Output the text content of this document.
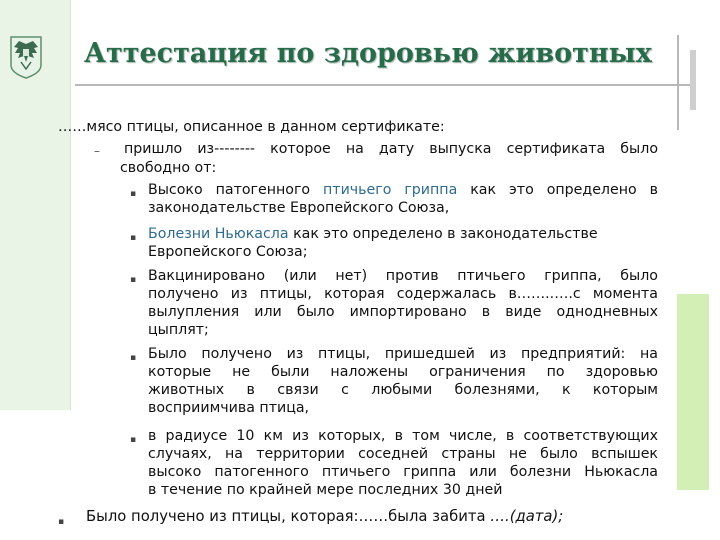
Аттестация по здоровью животных
……мясо птицы, описанное в данном сертификате:
– пришло из-------- которое на дату выпуска сертификата было
свободно от:
▪ Высоко патогенного птичьего гриппа как это определено в
законодательстве Европейского Союза,
▪ Болезни Ньюкасла как это определено в законодательстве
Европейского Союза;
▪ Вакцинировано (или нет) против птичьего гриппа, было
получено из птицы, которая содержалась в……..….с момента
вылупления или было импортировано в виде однодневных
цыплят;
▪ Было получено из птицы, пришедшей из предприятий: на
которые не были наложены ограничения по здоровью
животных в связи с любыми болезнями, к которым
восприимчива птица,
▪ в радиусе 10 км из которых, в том числе, в соответствующих
случаях, на территории соседней страны не было вспышек
высоко патогенного птичьего гриппа или болезни Ньюкасла
в течение по крайней мере последних 30 дней
▪ Было получено из птицы, которая:……была забита ….(дата);
